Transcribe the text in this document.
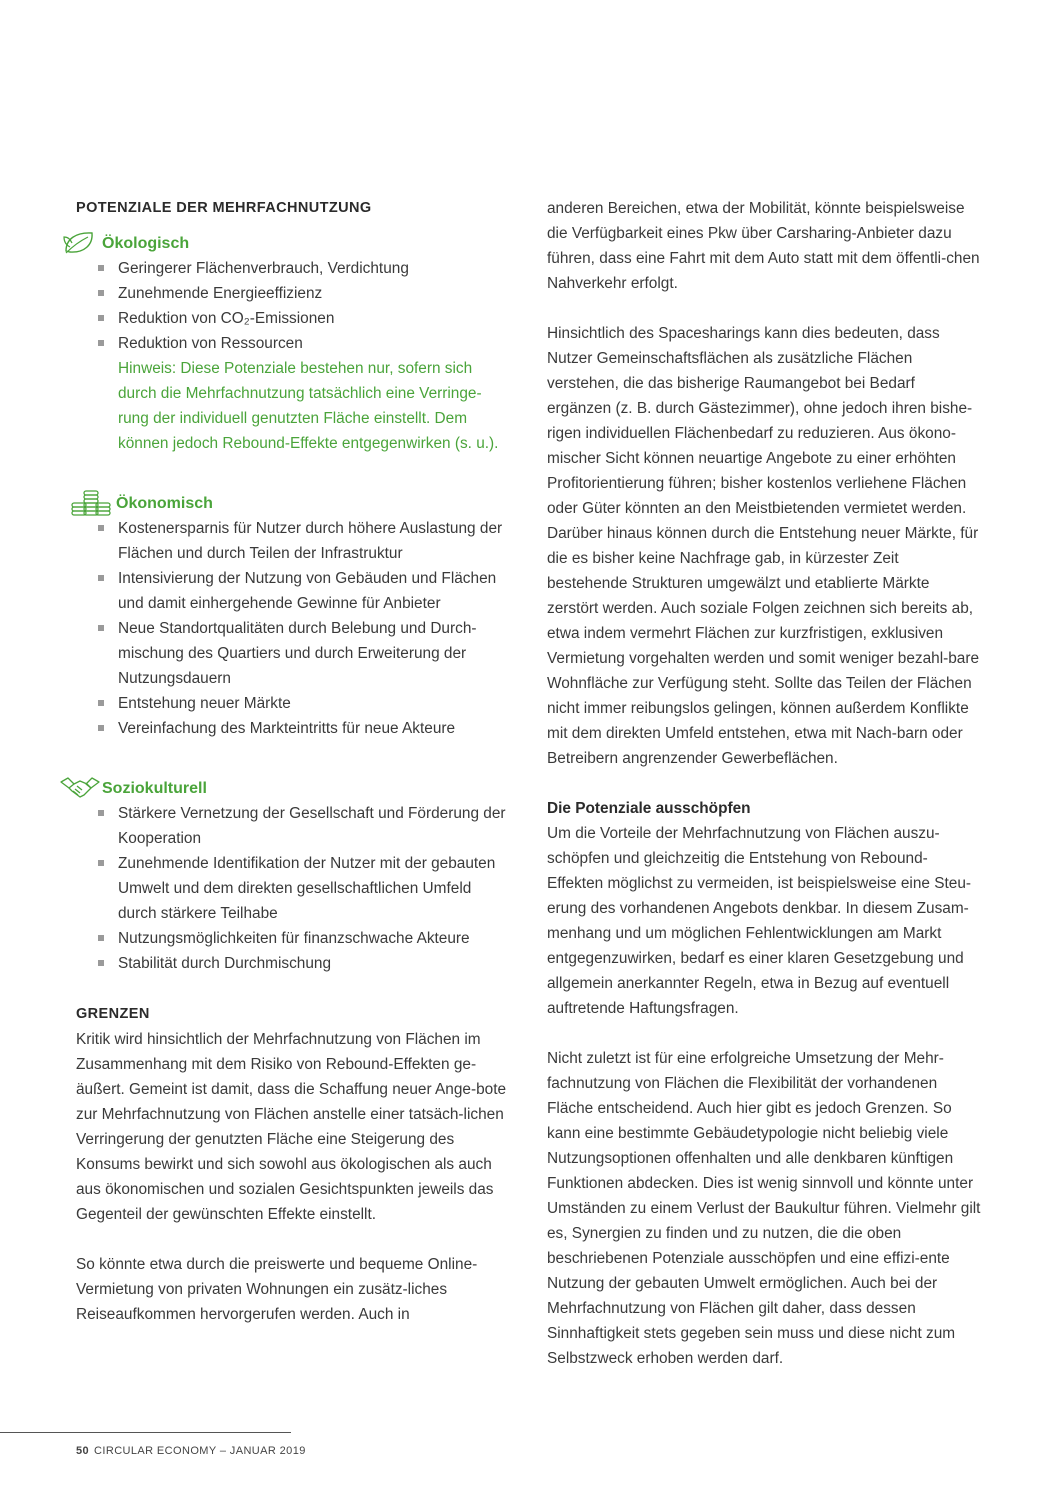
POTENZIALE DER MEHRFACHNUTZUNG
Ökologisch
Geringerer Flächenverbrauch, Verdichtung
Zunehmende Energieeffizienz
Reduktion von CO₂-Emissionen
Reduktion von Ressourcen

Hinweis: Diese Potenziale bestehen nur, sofern sich durch die Mehrfachnutzung tatsächlich eine Verringe-rung der individuell genutzten Fläche einstellt. Dem können jedoch Rebound-Effekte entgegenwirken (s. u.).

Ökonomisch
Kostenersparnis für Nutzer durch höhere Auslastung der Flächen und durch Teilen der Infrastruktur
Intensivierung der Nutzung von Gebäuden und Flächen und damit einhergehende Gewinne für Anbieter
Neue Standortqualitäten durch Belebung und Durch-mischung des Quartiers und durch Erweiterung der Nutzungsdauern
Entstehung neuer Märkte
Vereinfachung des Markteintritts für neue Akteure
Soziokulturell
Stärkere Vernetzung der Gesellschaft und Förderung der Kooperation
Zunehmende Identifikation der Nutzer mit der gebauten Umwelt und dem direkten gesellschaftlichen Umfeld durch stärkere Teilhabe
Nutzungsmöglichkeiten für finanzschwache Akteure
Stabilität durch Durchmischung
GRENZEN

Kritik wird hinsichtlich der Mehrfachnutzung von Flächen im Zusammenhang mit dem Risiko von Rebound-Effekten ge-äußert. Gemeint ist damit, dass die Schaffung neuer Ange-bote zur Mehrfachnutzung von Flächen anstelle einer tatsäch-lichen Verringerung der genutzten Fläche eine Steigerung des Konsums bewirkt und sich sowohl aus ökologischen als auch aus ökonomischen und sozialen Gesichtspunkten jeweils das Gegenteil der gewünschten Effekte einstellt.

So könnte etwa durch die preiswerte und bequeme Online-Vermietung von privaten Wohnungen ein zusätz-liches Reiseaufkommen hervorgerufen werden. Auch in

anderen Bereichen, etwa der Mobilität, könnte beispielsweise die Verfügbarkeit eines Pkw über Carsharing-Anbieter dazu führen, dass eine Fahrt mit dem Auto statt mit dem öffentli-chen Nahverkehr erfolgt.

Hinsichtlich des Spacesharings kann dies bedeuten, dass Nutzer Gemeinschaftsflächen als zusätzliche Flächen verstehen, die das bisherige Raumangebot bei Bedarf ergänzen (z. B. durch Gästezimmer), ohne jedoch ihren bishe-rigen individuellen Flächenbedarf zu reduzieren. Aus ökono-mischer Sicht können neuartige Angebote zu einer erhöhten Profitorientierung führen; bisher kostenlos verliehene Flächen oder Güter könnten an den Meistbietenden vermietet werden. Darüber hinaus können durch die Entstehung neuer Märkte, für die es bisher keine Nachfrage gab, in kürzester Zeit bestehende Strukturen umgewälzt und etablierte Märkte zerstört werden. Auch soziale Folgen zeichnen sich bereits ab, etwa indem vermehrt Flächen zur kurzfristigen, exklusiven Vermietung vorgehalten werden und somit weniger bezahl-bare Wohnfläche zur Verfügung steht. Sollte das Teilen der Flächen nicht immer reibungslos gelingen, können außerdem Konflikte mit dem direkten Umfeld entstehen, etwa mit Nach-barn oder Betreibern angrenzender Gewerbeflächen.

Die Potenziale ausschöpfen

Um die Vorteile der Mehrfachnutzung von Flächen auszu-schöpfen und gleichzeitig die Entstehung von Rebound-Effekten möglichst zu vermeiden, ist beispielsweise eine Steu-erung des vorhandenen Angebots denkbar. In diesem Zusam-menhang und um möglichen Fehlentwicklungen am Markt entgegenzuwirken, bedarf es einer klaren Gesetzgebung und allgemein anerkannter Regeln, etwa in Bezug auf eventuell auftretende Haftungsfragen.

Nicht zuletzt ist für eine erfolgreiche Umsetzung der Mehr-fachnutzung von Flächen die Flexibilität der vorhandenen Fläche entscheidend. Auch hier gibt es jedoch Grenzen. So kann eine bestimmte Gebäudetypologie nicht beliebig viele Nutzungsoptionen offenhalten und alle denkbaren künftigen Funktionen abdecken. Dies ist wenig sinnvoll und könnte unter Umständen zu einem Verlust der Baukultur führen. Vielmehr gilt es, Synergien zu finden und zu nutzen, die die oben beschriebenen Potenziale ausschöpfen und eine effizi-ente Nutzung der gebauten Umwelt ermöglichen. Auch bei der Mehrfachnutzung von Flächen gilt daher, dass dessen Sinnhaftigkeit stets gegeben sein muss und diese nicht zum Selbstzweck erhoben werden darf.

50 CIRCULAR ECONOMY – JANUAR 2019
